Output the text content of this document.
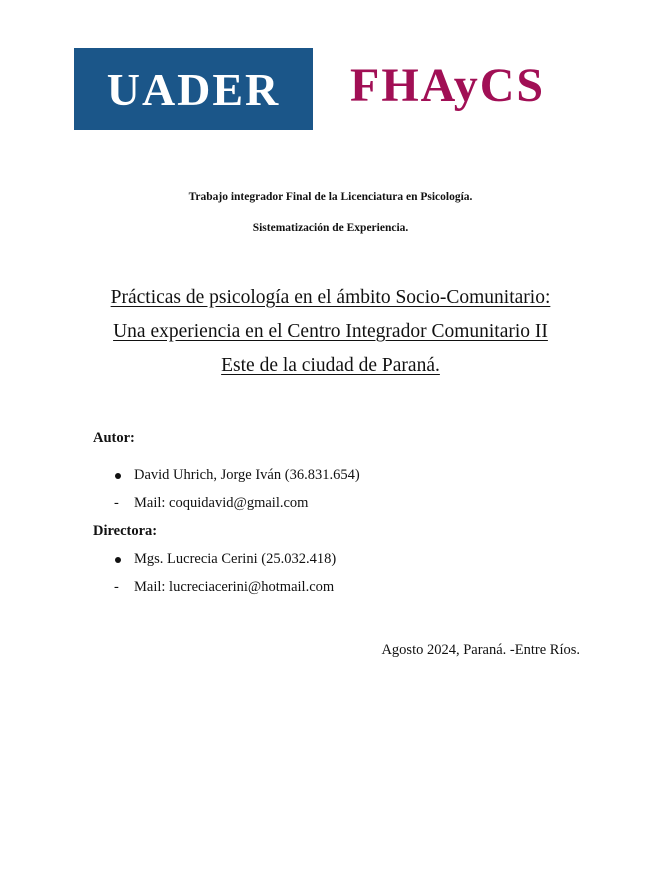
UADER FHAyCS
Trabajo integrador Final de la Licenciatura en Psicología.
Sistematización de Experiencia.
Prácticas de psicología en el ámbito Socio-Comunitario:
Una experiencia en el Centro Integrador Comunitario II
Este de la ciudad de Paraná.
Autor:
David Uhrich, Jorge Iván (36.831.654)
-	Mail: coquidavid@gmail.com
Directora:
Mgs. Lucrecia Cerini (25.032.418)
-	Mail: lucreciacerini@hotmail.com
Agosto 2024, Paraná. -Entre Ríos.
